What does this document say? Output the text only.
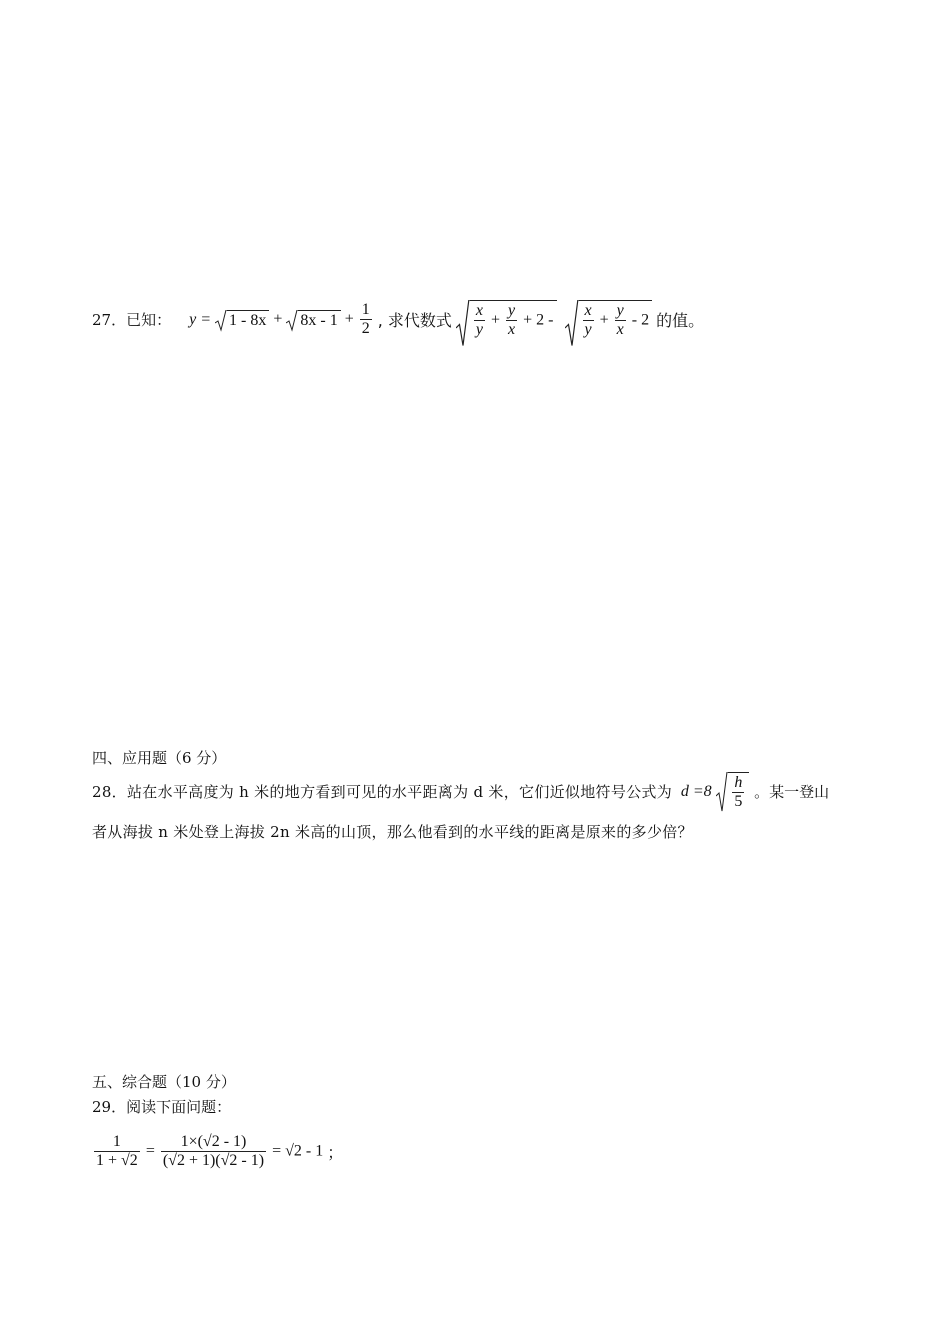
27．已知： $y = 1 - 8x + 8x - 1 + \frac{1}{2}$ , 求代数式 $\frac{x}{y} + \frac{y}{x} + 2 - \frac{x}{y} + \frac{y}{x} - 2$ 的值。
四、应用题（6 分）
28．站在水平高度为 h 米的地方看到可见的水平距离为 d 米，它们近似地符号公式为 $d =8 \frac{h}{5}$ 。某一登山
者从海拔 n 米处登上海拔 2n 米高的山顶，那么他看到的水平线的距离是原来的多少倍？
五、综合题（10 分）
29．阅读下面问题：
$\frac{1}{1 + √2} = \frac{1\times(√2 - 1)}{(√2 + 1)(√2 - 1)} = √2 - 1$ ；
